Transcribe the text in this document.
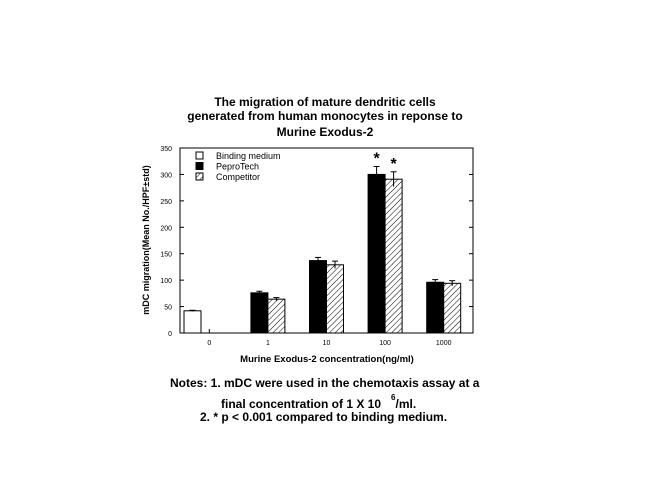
The migration of mature dendritic cells
generated from human monocytes in reponse to
Murine Exodus-2
0
50
100
150
200
250
300
350
0	1	10	100	1000
* *
Binding medium
PeproTech
Competitor
Murine Exodus-2 concentration(ng/ml)
mDC migration(Mean No./HPF±std)
Notes: 1. mDC were used in the chemotaxis assay at a
final concentration of 1 X 10 $^6$/ml.
2. * p < 0.001 compared to binding medium.
